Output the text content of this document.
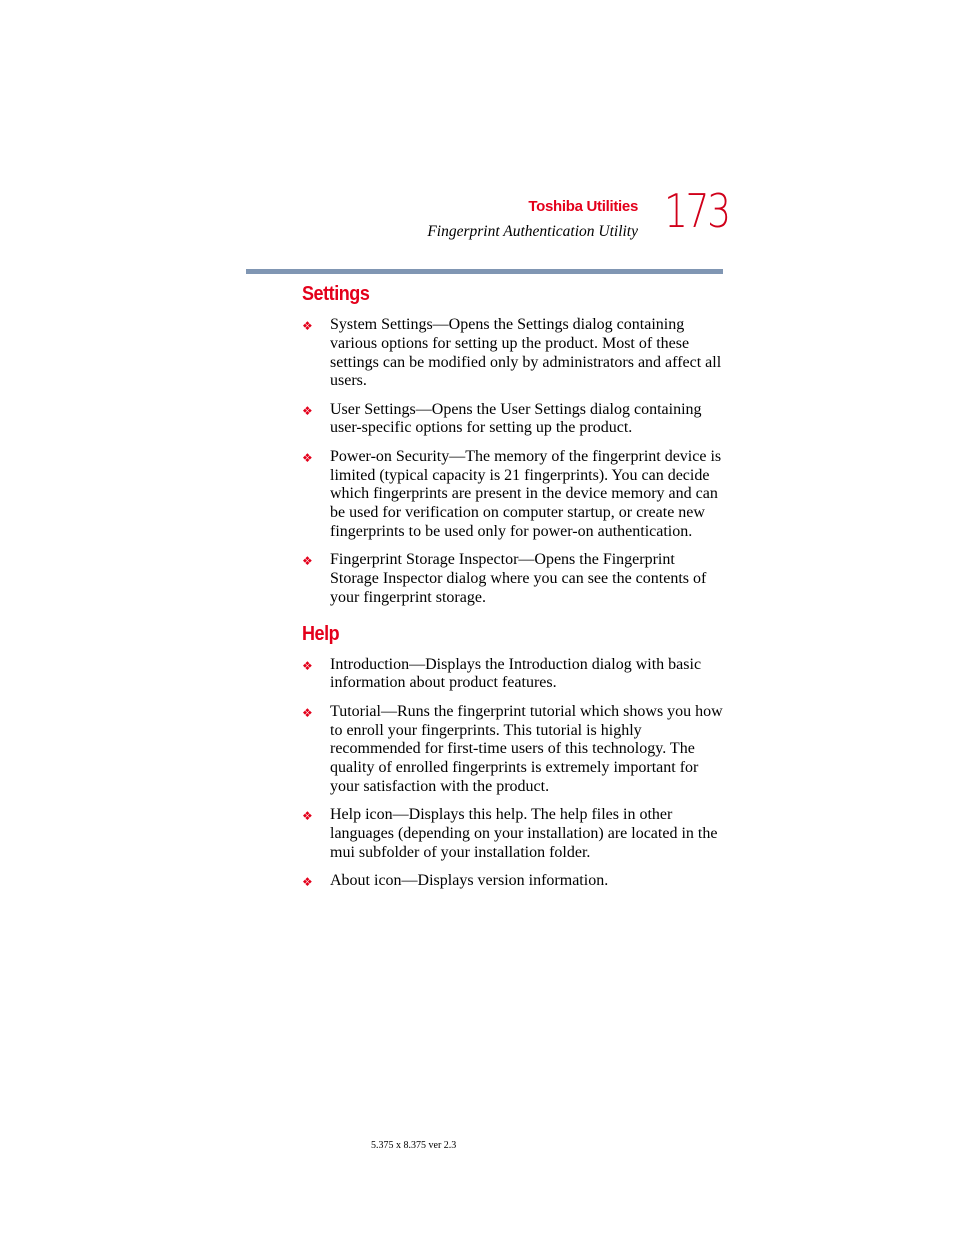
Toshiba Utilities
Fingerprint Authentication Utility 173
Settings
❖ System Settings—Opens the Settings dialog containing various options for setting up the product. Most of these settings can be modified only by administrators and affect all users.
❖ User Settings—Opens the User Settings dialog containing user-specific options for setting up the product.
❖ Power-on Security—The memory of the fingerprint device is limited (typical capacity is 21 fingerprints). You can decide which fingerprints are present in the device memory and can be used for verification on computer startup, or create new fingerprints to be used only for power-on authentication.
❖ Fingerprint Storage Inspector—Opens the Fingerprint Storage Inspector dialog where you can see the contents of your fingerprint storage.
Help
❖ Introduction—Displays the Introduction dialog with basic information about product features.
❖ Tutorial—Runs the fingerprint tutorial which shows you how to enroll your fingerprints. This tutorial is highly recommended for first-time users of this technology. The quality of enrolled fingerprints is extremely important for your satisfaction with the product.
❖ Help icon—Displays this help. The help files in other languages (depending on your installation) are located in the mui subfolder of your installation folder.
❖ About icon—Displays version information.
5.375 x 8.375 ver 2.3
